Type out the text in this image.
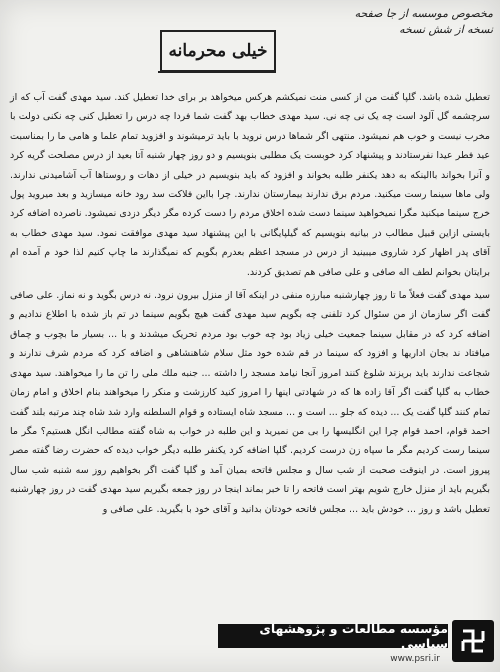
مخصوص موسسه از جا صفحه
نسخه از شش نسخه
خیلی محرمانه

تعطیل شده باشد. گلپا گفت من از کسی منت نمیکشم هرکس میخواهد بر برای خدا تعطیل کند. سید مهدی گفت آب که از سرچشمه گل آلود است چه یک نی چه نی. سید مهدی خطاب بهد گفت شما فردا چه درس را تعطیل کنی چه نکنی دولت با مخرب نیست و خوب هم نمیشود. منتهی اگر شماها درس نروید با باید ترمیشوند و افزوید تمام علما و هامی ما را بمناسبت عید فطر عیدا نفرستادند و پیشنهاد کرد خوبست یک مطلبی بنویسیم و دو روز چهار شنبه آتا بعید از درس مصلحت گریه کرد و آنرا بخواند باالینکه به دهد یکنفر طلبه بخواند و افزود که باید بنویسیم در خیلی از دهات و روستاها آب آشامیدنی ندارند. ولی ماها سینما رست میکنید. مردم برق ندارند بیمارستان ندارند. چرا بااین فلاکت سد رود خانه میسازید و بعد میروید پول خرج سینما میکنید مگرا نمیخواهید سینما دست شده اخلاق مردم را دست کرده مگر دیگر دزدی نمیشود. ناصرده اضافه کرد بایستی ازاین قبیل مطالب در بیانیه بنویسیم که گیلپایگانی با این پیشنهاد سید مهدی موافقت نمود. سید مهدی خطاب به آقای پدر اظهار کرد شاروی میبینید از درس در مسجد اعظم بعدرم بگویم که نمیگذارند ما چاپ کنیم لذا خود م آمده ام برایتان بخوانم لطف اله صافی و علی صافی هم تصدیق کردند.

سید مهدی گفت فعلاً ما تا روز چهارشنبه مبارزه منفی در اینکه آقا از منزل بیرون نرود. نه درس بگوید و نه نماز. علی صافی گفت اگر سازمان از من سئوال کرد تلفنی چه بگویم سید مهدی گفت هیچ بگویم سینما در تم باز شده با اطلاع ندادیم و اضافه کرد که در مقابل سینما جمعیت خیلی زیاد بود چه خوب بود مردم تحریک میشدند و با ... بسیار ما بچوب و چماق میافتاد ند بجان اداریها و افزود که سینما در قم شده خود مثل سلام شاهنشاهی و اضافه کرد که مردم شرف ندارند و شجاعت ندارند باید بریزند شلوغ کنند امروز آنجا نیامد مسجد را داشته ... جنبه ملك ملی را تن ما را میخواهند. سید مهدی خطاب به گلپا گفت اگر آقا زاده ها که در شهادتی اینها را امروز کنید کارزشت و منکر را میخواهند بنام اخلاق و امام زمان تمام کنند گلپا گفت یک ... دیده که جلو ... است و ... مسجد شاه ایستاده و قوام السلطنه وارد شد شاه چند مرتبه بلند گفت احمد قوام، احمد قوام چرا این انگلیسها را بی من نمیرید و این طلبه در خواب به شاه گفته مطالب انگل هستیم؟ مگر ما سینما رست کردیم مگر ما سپاه زن درست کردیم. گلپا اضافه کرد یکنفر طلبه دیگر خواب دیده که حضرت رضا گفته مصر پیروز است. در اینوقت صحبت از شب سال و مجلس فاتحه بمیان آمد و گلپا گفت اگر بخواهیم روز سه شنبه شب سال بگیریم باید از منزل خارج شویم بهتر است فاتحه را تا خبر بماند اینجا در روز جمعه بگیریم سید مهدی گفت در روز چهارشنبه تعطیل باشد و روز ... خودش باید ... مجلس فاتحه خودتان بدانید و آقای خود با بگیرید. علی صافی و

مؤسسه مطالعات و پژوهشهای سیاسی
www.psri.ir
